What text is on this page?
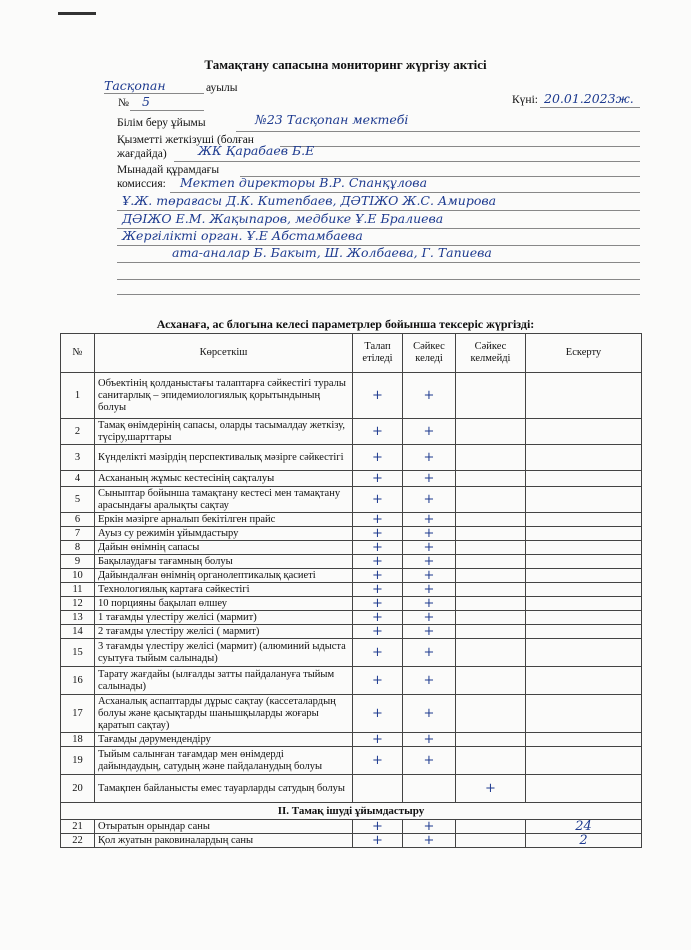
Тамақтану сапасына мониторинг жүргізу актісі
Тасқопан	ауылы
№ 5	Күні: 20.01.2023ж.
Білім беру ұйымы	№23 Тасқопан мектебі
Қызметті жеткізуші (болған
жағдайда)	ЖК Қарабаев Б.Е
Мынадай құрамдағы
комиссия: Мектеп директоры В.Р. Спанқұлова
Ұ.Ж. төрағасы Д.К. Китепбаев, ДӘТІЖО Ж.С. Амирова
ДӘІЖО Е.М. Жақыпаров, медбике Ұ.Е Бралиева
Жергілікті орган. Ұ.Е Абстамбаева
ата-аналар Б. Бакыт, Ш. Жолбаева, Г. Тапиева
Асханаға, ас блогына келесі параметрлер бойынша тексеріс жүргізді:
№	Көрсеткіш	Талап етіледі	Сәйкес келеді	Сәйкес келмейді	Ескерту
1	Объектінің қолданыстағы талаптарға сәйкестігі туралы санитарлық – эпидемиологиялық қорытындының болуы	+	+		
2	Тамақ өнімдерінің сапасы, оларды тасымалдау жеткізу, түсіру,шарттары	+	+		
3	Күнделікті мәзірдің перспективалық мәзірге сәйкестігі	+	+		
4	Асхананың жұмыс кестесінің сақталуы	+	+		
5	Сыныптар бойынша тамақтану кестесі мен тамақтану арасындағы аралықты сақтау	+	+		
6	Еркін мәзірге арналып бекітілген прайс	+	+		
7	Ауыз су режимін ұйымдастыру	+	+		
8	Дайын өнімнің сапасы	+	+		
9	Бақылаудағы тағамның болуы	+	+		
10	Дайындалған өнімнің органолептикалық қасиеті	+	+		
11	Технологиялық картаға сәйкестігі	+	+		
12	10 порцияны бақылап өлшеу	+	+		
13	1 тағамды үлестіру желісі (мармит)	+	+		
14	2 тағамды үлестіру желісі ( мармит)	+	+		
15	3 тағамды үлестіру желісі (мармит) (алюминий ыдыста суытуға тыйым салынады)	+	+		
16	Тарату жағдайы (ылғалды затты пайдалануға тыйым салынады)	+	+		
17	Асханалық аспаптарды дұрыс сақтау (кассеталардың болуы және қасықтарды шанышқыларды жоғары қаратып сақтау)	+	+		
18	Тағамды дәрумендендіру	+	+		
19	Тыйым салынған тағамдар мен өнімдерді дайындаудың, сатудың және пайдаланудың болуы	+	+		
20	Тамақпен байланысты емес тауарларды сатудың болуы			+	
II. Тамақ ішуді ұйымдастыру					
21	Отыратын орындар саны	+	+		24
22	Қол жуатын раковиналардың саны	+	+		2
